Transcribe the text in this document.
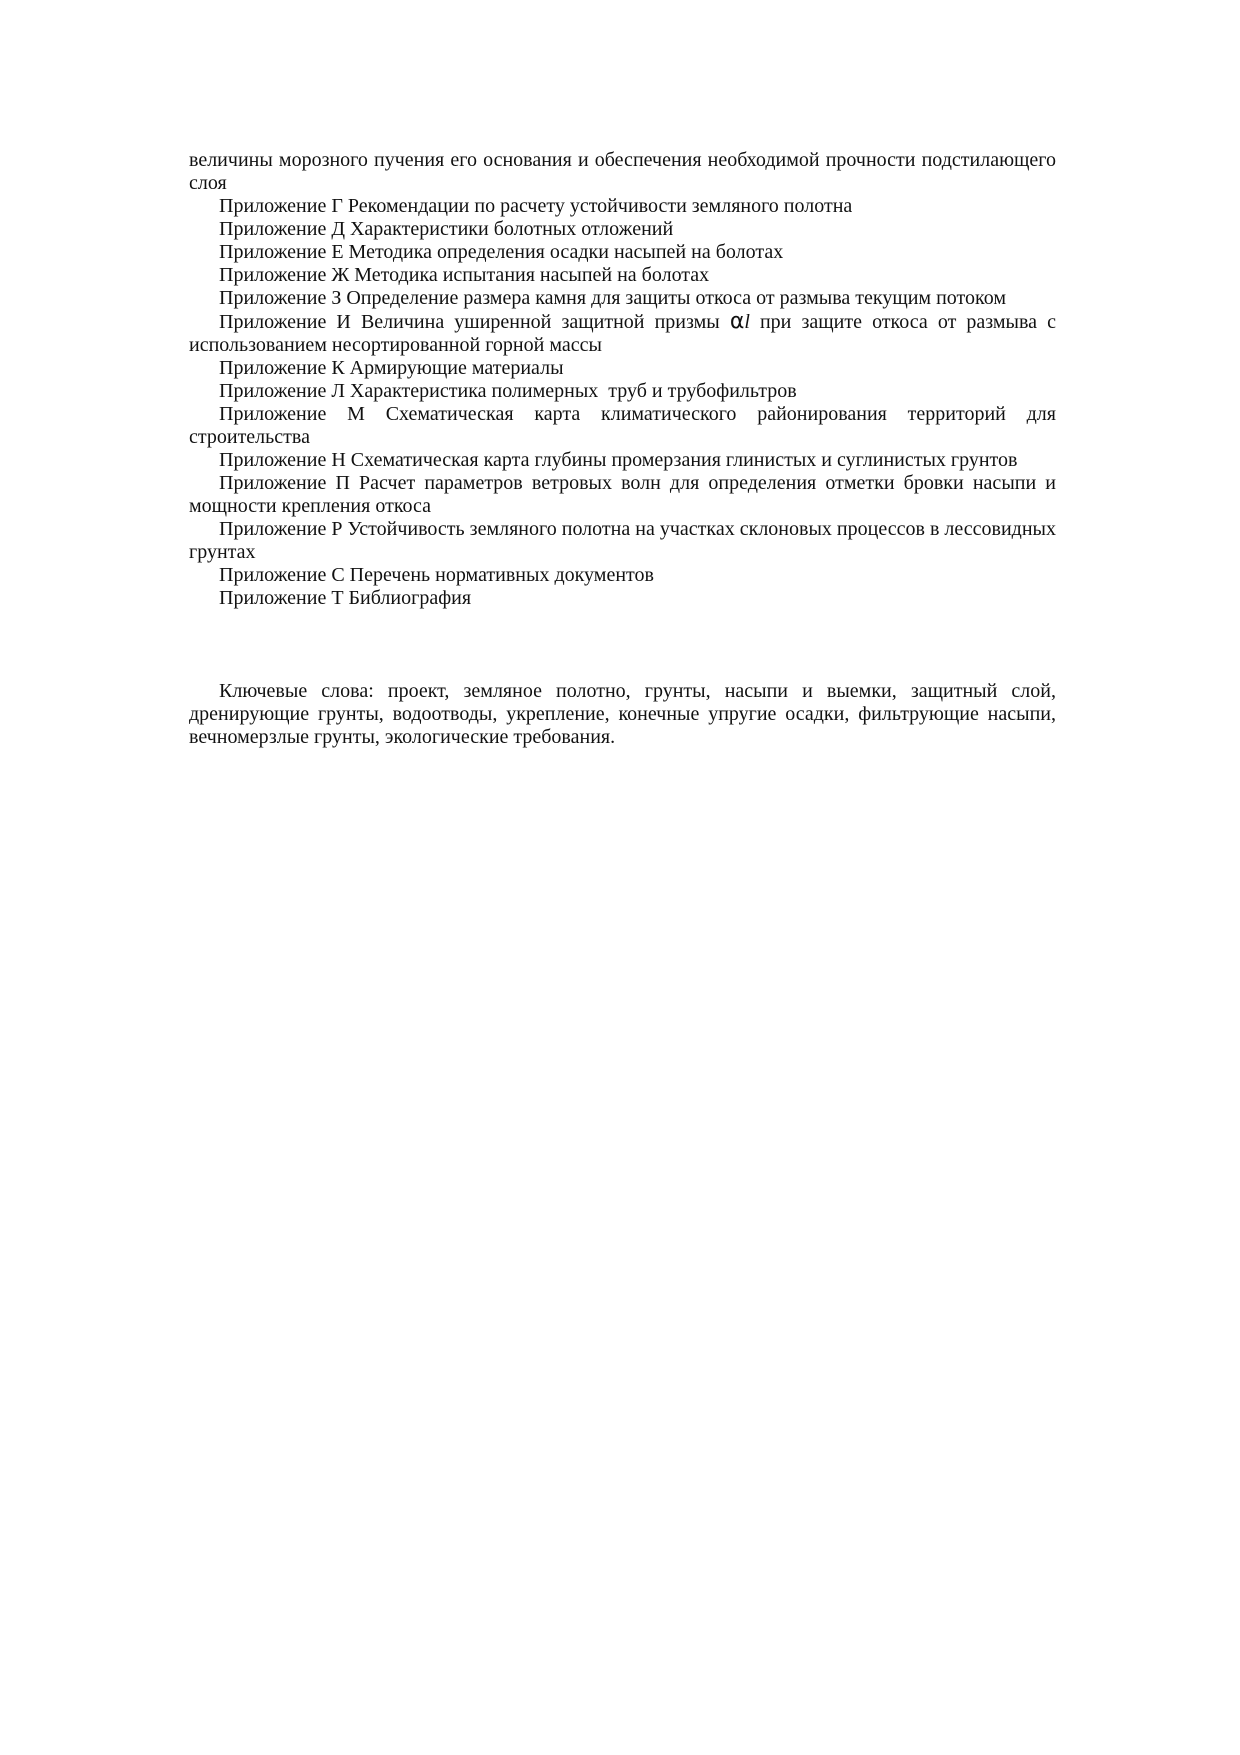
величины морозного пучения его основания и обеспечения необходимой прочности подстилающего слоя

Приложение Г Рекомендации по расчету устойчивости земляного полотна

Приложение Д Характеристики болотных отложений

Приложение Е Методика определения осадки насыпей на болотах

Приложение Ж Методика испытания насыпей на болотах

Приложение З Определение размера камня для защиты откоса от размыва текущим потоком

Приложение И Величина уширенной защитной призмы αl при защите откоса от размыва с использованием несортированной горной массы

Приложение К Армирующие материалы

Приложение Л Характеристика полимерных  труб и трубофильтров

Приложение М Схематическая карта климатического районирования территорий для строительства

Приложение Н Схематическая карта глубины промерзания глинистых и суглинистых грунтов

Приложение П Расчет параметров ветровых волн для определения отметки бровки насыпи и мощности крепления откоса

Приложение Р Устойчивость земляного полотна на участках склоновых процессов в лессовидных грунтах

Приложение С Перечень нормативных документов

Приложение Т Библиография

Ключевые слова: проект, земляное полотно, грунты, насыпи и выемки, защитный слой, дренирующие грунты, водоотводы, укрепление, конечные упругие осадки, фильтрующие насыпи, вечномерзлые грунты, экологические требования.
